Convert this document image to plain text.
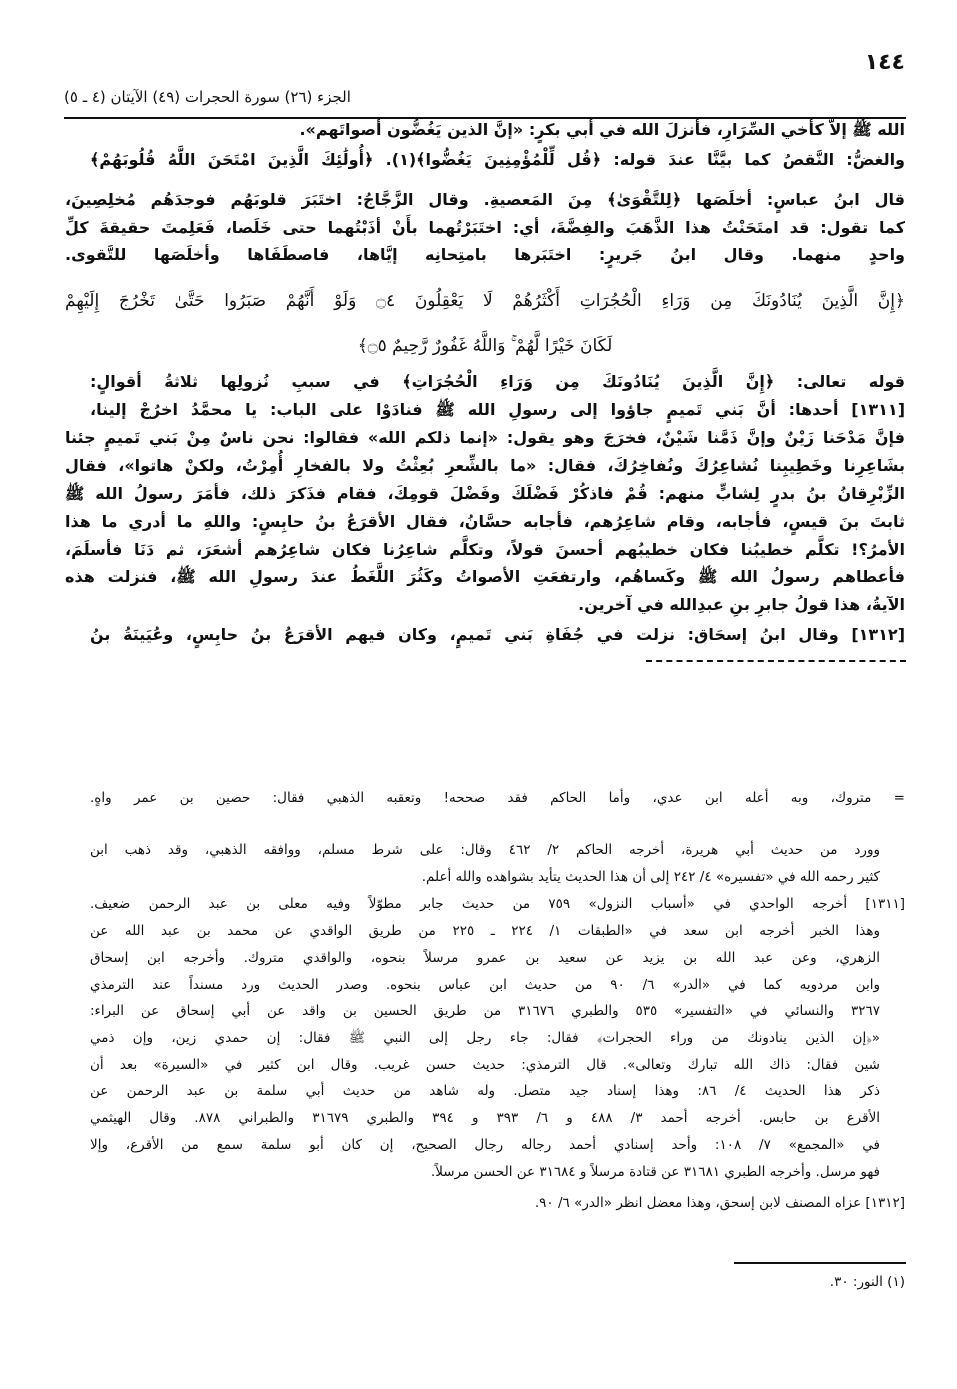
١٤٤
الجزء (٢٦) سورة الحجرات (٤٩) الآيتان (٤ ـ ٥)
الله ﷺ إلاّ كأخي السِّرَارِ، فأنزلَ الله في أبي بكرٍ: «إنَّ الذين يَغُضُّون أصواتَهم».
والغضُّ: النَّقصُ كما بيَّنَّا عندَ قوله: ﴿قُل لِّلْمُؤْمِنِينَ يَغُضُّوا﴾(١). ﴿أُولَٰئِكَ الَّذِينَ امْتَحَنَ اللَّهُ قُلُوبَهُمْ﴾
قال ابنُ عباسٍ: أخلَصَها ﴿لِلتَّقْوَىٰ﴾ مِنَ المَعصيةِ. وقال الزَّجَّاجُ: اختَبَرَ قلوبَهُم فوجدَهُم مُخلِصِينَ،
كما تقول: قد امتَحَنْتُ هذا الذَّهَبَ والفِضَّةَ، أي: اختَبَرْتُهما بأَنْ أذَبْتُهما حتى خَلَصا، فَعَلِمتَ حقيقةَ كلِّ
واحدٍ منهما. وقال ابنُ جَريرٍ: اختَبَرها بامتِحانِه إيَّاها، فاصطَفَاها وأخلَصَها للتَّقوى.
﴿إِنَّ الَّذِينَ يُنَادُونَكَ مِن وَرَاءِ الْحُجُرَاتِ أَكْثَرُهُمْ لَا يَعْقِلُونَ ۝٤ وَلَوْ أَنَّهُمْ صَبَرُوا حَتَّىٰ تَخْرُجَ إِلَيْهِمْ
لَكَانَ خَيْرًا لَّهُمْ ۚ وَاللَّهُ غَفُورٌ رَّحِيمٌ ۝٥﴾
قوله تعالى: ﴿إِنَّ الَّذِينَ يُنَادُونَكَ مِن وَرَاءِ الْحُجُرَاتِ﴾ في سببِ نُزولِها ثلاثةُ أقوالٍ:
[١٣١١] أحدها: أنَّ بَني تَميمٍ جاؤوا إلى رسولِ الله ﷺ فنادَوْا على الباب: يا محمَّدُ اخرُجْ إلينا،
فإنَّ مَدْحَنا زَيْنٌ وإنَّ ذَمَّنا شَيْنٌ، فخرَجَ وهو يقول: «إنما ذلكم الله» فقالوا: نحن ناسٌ مِنْ بَني تَميمٍ جئنا
بشَاعِرِنا وخَطِيبِنا نُشاعِرُكَ ونُفاخِرُكَ، فقال: «ما بالشِّعرِ بُعِثْتُ ولا بالفخارِ أُمِرْتُ، ولكنْ هاتوا»، فقال
الزِّبْرِقانُ بنُ بدرٍ لِشابٍّ منهم: قُمْ فاذكُرْ فَضْلَكَ وفَضْلَ قومِكَ، فقام فذَكرَ ذلك، فأمَرَ رسولُ الله ﷺ
ثابتَ بنَ قيسٍ، فأجابه، وقام شاعِرُهم، فأجابه حسَّانُ، فقال الأقرَعُ بنُ حابِسٍ: واللهِ ما أدري ما هذا
الأمرُ؟! تكلَّم خطيبُنا فكان خطيبُهم أحسنَ قولاً، وتكلَّم شاعِرُنا فكان شاعِرُهم أشعَرَ، ثم دَنَا فأسلَمَ،
فأعطاهم رسولُ الله ﷺ وكَساهُم، وارتفعَتِ الأصواتُ وكَثُرَ اللَّغَطُ عندَ رسولِ الله ﷺ، فنزلت هذه
الآيةُ، هذا قولُ جابرِ بنِ عبدِالله في آخرين.
[١٣١٢] وقال ابنُ إسحَاق: نزلت في جُفَاةِ بَني تَميمٍ، وكان فيهم الأقرَعُ بنُ حابِسٍ، وعُيَينَةُ بنُ
= متروك، وبه أعله ابن عدي، وأما الحاكم فقد صححه! وتعقبه الذهبي فقال: حصين بن عمر واهٍ.
وورد من حديث أبي هريرة، أخرجه الحاكم ٢/ ٤٦٢ وقال: على شرط مسلم، ووافقه الذهبي، وقد ذهب ابن
كثير رحمه الله في «تفسيره» ٤/ ٢٤٢ إلى أن هذا الحديث يتأيد بشواهده والله أعلم.
[١٣١١] أخرجه الواحدي في «أسباب النزول» ٧٥٩ من حديث جابر مطوّلاً وفيه معلى بن عبد الرحمن ضعيف.
وهذا الخبر أخرجه ابن سعد في «الطبقات ١/ ٢٢٤ ـ ٢٢٥ من طريق الواقدي عن محمد بن عبد الله عن
الزهري، وعن عبد الله بن يزيد عن سعيد بن عمرو مرسلاً بنحوه، والواقدي متروك. وأخرجه ابن إسحاق
وابن مردويه كما في «الدر» ٦/ ٩٠ من حديث ابن عباس بنحوه. وصدر الحديث ورد مسنداً عند الترمذي
٣٢٦٧ والنسائي في «التفسير» ٥٣٥ والطبري ٣١٦٧٦ من طريق الحسين بن واقد عن أبي إسحاق عن البراء:
«﴿إن الذين ينادونك من وراء الحجرات﴾ فقال: جاء رجل إلى النبي ﷺ فقال: إن حمدي زين، وإن ذمي
شين فقال: ذاك الله تبارك وتعالى». قال الترمذي: حديث حسن غريب. وقال ابن كثير في «السيرة» بعد أن
ذكر هذا الحديث ٤/ ٨٦: وهذا إسناد جيد متصل. وله شاهد من حديث أبي سلمة بن عبد الرحمن عن
الأقرع بن حابس. أخرجه أحمد ٣/ ٤٨٨ و ٦/ ٣٩٣ و ٣٩٤ والطبري ٣١٦٧٩ والطبراني ٨٧٨. وقال الهيثمي
في «المجمع» ٧/ ١٠٨: وأحد إسنادي أحمد رجاله رجال الصحيح، إن كان أبو سلمة سمع من الأقرع، وإلا
فهو مرسل. وأخرجه الطبري ٣١٦٨١ عن قتادة مرسلاً و ٣١٦٨٤ عن الحسن مرسلاً.
[١٣١٢] عزاه المصنف لابن إسحق، وهذا معضل انظر «الدر» ٦/ ٩٠.
(١) النور: ٣٠.
